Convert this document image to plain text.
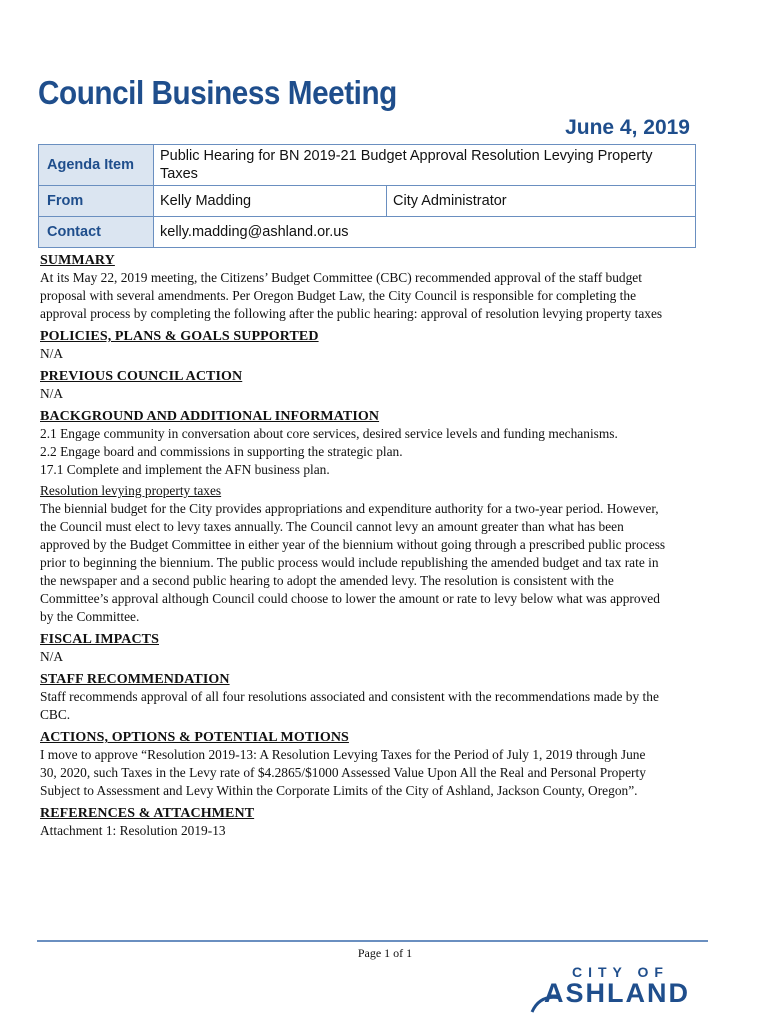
Council Business Meeting
June 4, 2019
Agenda Item	Public Hearing for BN 2019-21 Budget Approval Resolution Levying Property
Taxes	
From	Kelly Madding	City Administrator
Contact	kelly.madding@ashland.or.us	

SUMMARY

At its May 22, 2019 meeting, the Citizens’ Budget Committee (CBC) recommended approval of the staff budget

proposal with several amendments. Per Oregon Budget Law, the City Council is responsible for completing the

approval process by completing the following after the public hearing: approval of resolution levying property taxes

POLICIES, PLANS & GOALS SUPPORTED

N/A

PREVIOUS COUNCIL ACTION

N/A

BACKGROUND AND ADDITIONAL INFORMATION

2.1 Engage community in conversation about core services, desired service levels and funding mechanisms.

2.2 Engage board and commissions in supporting the strategic plan.

17.1 Complete and implement the AFN business plan.

Resolution levying property taxes

The biennial budget for the City provides appropriations and expenditure authority for a two-year period. However,

the Council must elect to levy taxes annually. The Council cannot levy an amount greater than what has been

approved by the Budget Committee in either year of the biennium without going through a prescribed public process

prior to beginning the biennium. The public process would include republishing the amended budget and tax rate in

the newspaper and a second public hearing to adopt the amended levy. The resolution is consistent with the

Committee’s approval although Council could choose to lower the amount or rate to levy below what was approved

by the Committee.

FISCAL IMPACTS

N/A

STAFF RECOMMENDATION

Staff recommends approval of all four resolutions associated and consistent with the recommendations made by the

CBC.

ACTIONS, OPTIONS & POTENTIAL MOTIONS

I move to approve “Resolution 2019-13: A Resolution Levying Taxes for the Period of July 1, 2019 through June

30, 2020, such Taxes in the Levy rate of $4.2865/$1000 Assessed Value Upon All the Real and Personal Property

Subject to Assessment and Levy Within the Corporate Limits of the City of Ashland, Jackson County, Oregon”.

REFERENCES & ATTACHMENT

Attachment 1: Resolution 2019-13

Page 1 of 1
CITY OF
ASHLAND
